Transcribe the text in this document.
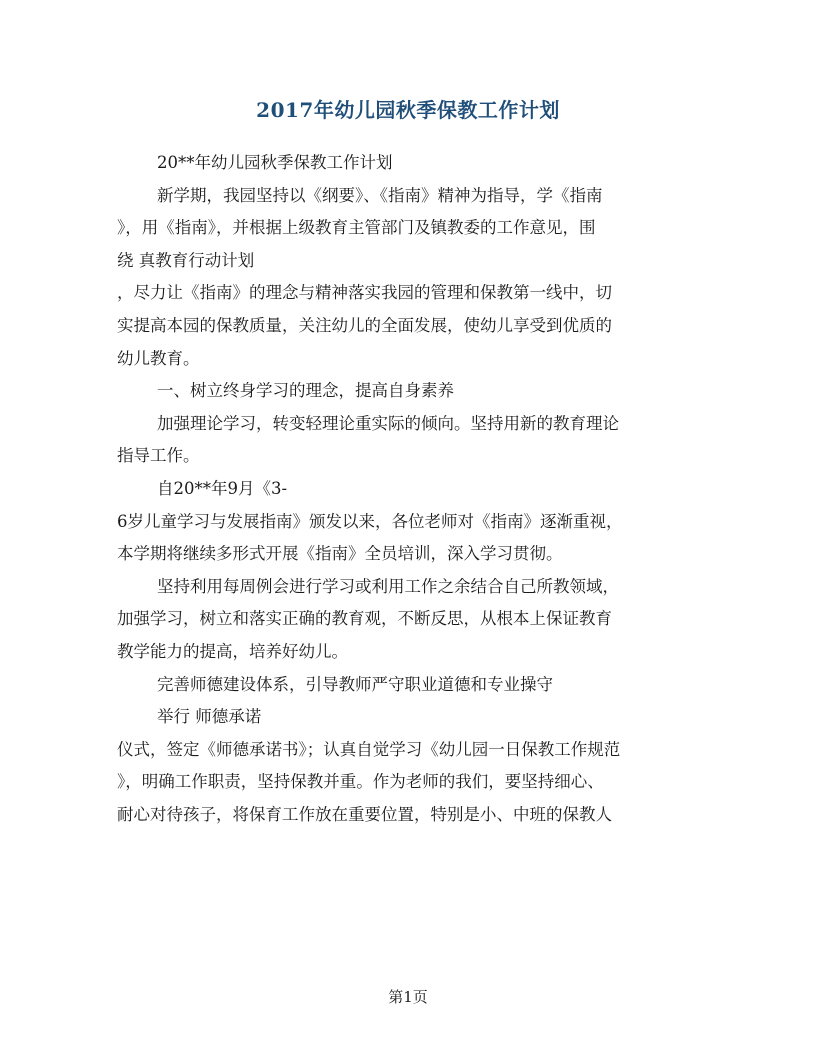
2017年幼儿园秋季保教工作计划
20**年幼儿园秋季保教工作计划
新学期，我园坚持以《纲要》、《指南》精神为指导，学《指南
》，用《指南》，并根据上级教育主管部门及镇教委的工作意见，围
绕 真教育行动计划
，尽力让《指南》的理念与精神落实我园的管理和保教第一线中，切
实提高本园的保教质量，关注幼儿的全面发展，使幼儿享受到优质的
幼儿教育。
一、树立终身学习的理念，提高自身素养
加强理论学习，转变轻理论重实际的倾向。坚持用新的教育理论
指导工作。
自20**年9月《3-
6岁儿童学习与发展指南》颁发以来，各位老师对《指南》逐渐重视，
本学期将继续多形式开展《指南》全员培训，深入学习贯彻。
坚持利用每周例会进行学习或利用工作之余结合自己所教领域，
加强学习，树立和落实正确的教育观，不断反思，从根本上保证教育
教学能力的提高，培养好幼儿。
完善师德建设体系，引导教师严守职业道德和专业操守
举行 师德承诺
仪式，签定《师德承诺书》；认真自觉学习《幼儿园一日保教工作规范
》，明确工作职责，坚持保教并重。作为老师的我们，要坚持细心、
耐心对待孩子，将保育工作放在重要位置，特别是小、中班的保教人
第1页
